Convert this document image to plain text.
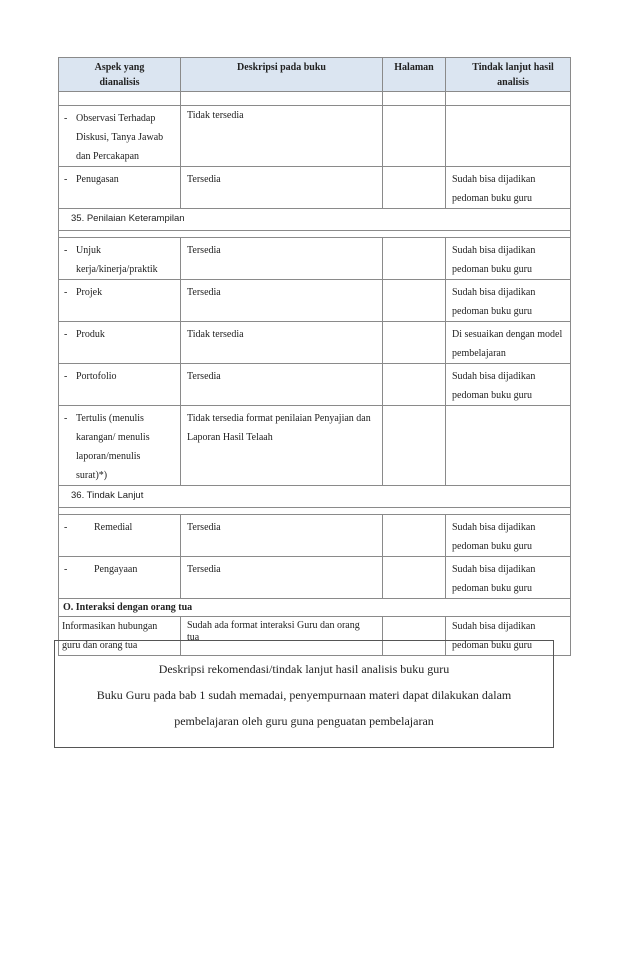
Aspek yang dianalisis	Deskripsi pada buku	Halaman	Tindak lanjut hasil analisis

- Observasi Terhadap Diskusi, Tanya Jawab dan Percakapan	Tidak tersedia		

- Penugasan	Tersedia		Sudah bisa dijadikan pedoman buku guru

35. Penilaian Keterampilan			

- Unjuk kerja/kinerja/praktik	Tersedia		Sudah bisa dijadikan pedoman buku guru

- Projek	Tersedia		Sudah bisa dijadikan pedoman buku guru

- Produk	Tidak tersedia		Di sesuaikan dengan model pembelajaran

- Portofolio	Tersedia		Sudah bisa dijadikan pedoman buku guru

- Tertulis (menulis karangan/ menulis laporan/menulis surat)*)	Tidak tersedia format penilaian Penyajian dan Laporan Hasil Telaah		

36. Tindak Lanjut			

- Remedial	Tersedia		Sudah bisa dijadikan pedoman buku guru

- Pengayaan	Tersedia		Sudah bisa dijadikan pedoman buku guru

O. Interaksi dengan orang tua			

Informasikan hubungan guru dan orang tua	Sudah ada format interaksi Guru dan orang tua		Sudah bisa dijadikan pedoman buku guru
Deskripsi rekomendasi/tindak lanjut hasil analisis buku guru
Buku Guru pada bab 1 sudah memadai, penyempurnaan materi dapat dilakukan dalam
pembelajaran oleh guru guna penguatan pembelajaran
